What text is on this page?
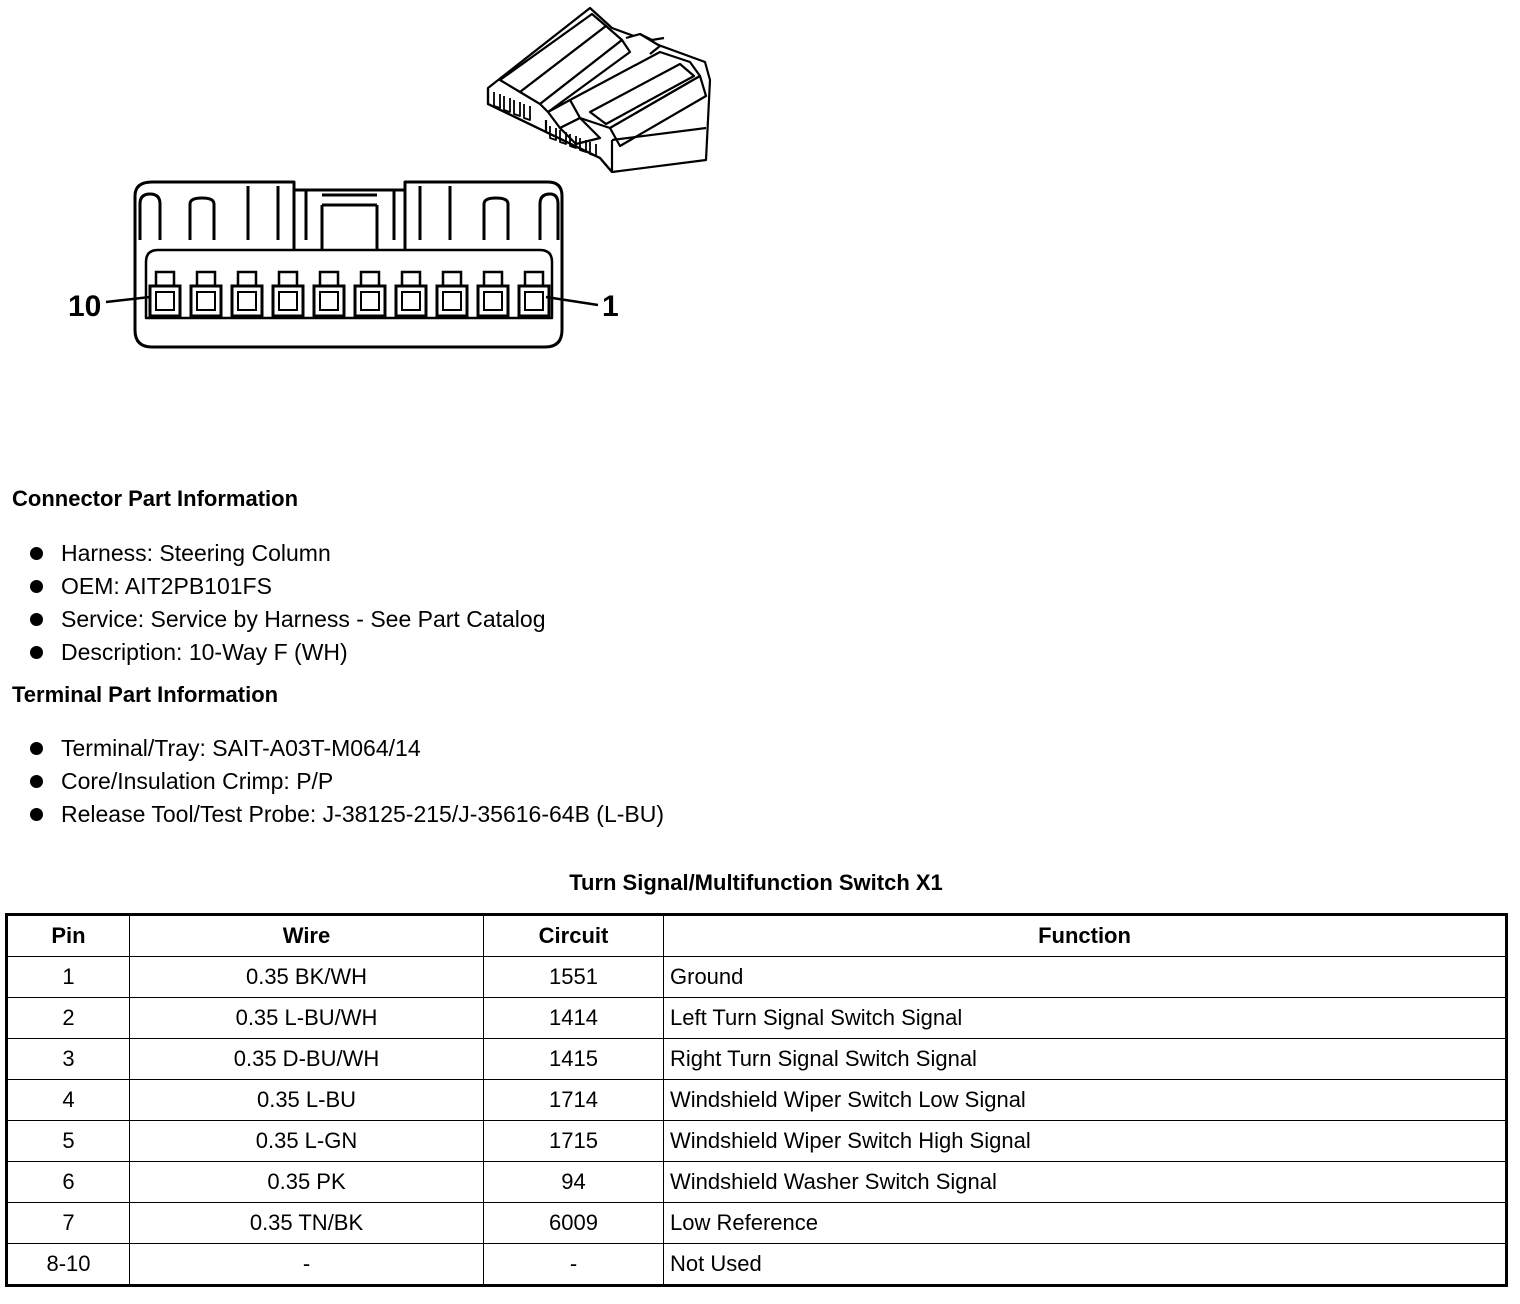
10	1
Connector Part Information
Harness: Steering Column
OEM: AIT2PB101FS
Service: Service by Harness - See Part Catalog
Description: 10-Way F (WH)
Terminal Part Information
Terminal/Tray: SAIT-A03T-M064/14
Core/Insulation Crimp: P/P
Release Tool/Test Probe: J-38125-215/J-35616-64B (L-BU)
Turn Signal/Multifunction Switch X1
Pin	Wire	Circuit	Function
1	0.35 BK/WH	1551	Ground
2	0.35 L-BU/WH	1414	Left Turn Signal Switch Signal
3	0.35 D-BU/WH	1415	Right Turn Signal Switch Signal
4	0.35 L-BU	1714	Windshield Wiper Switch Low Signal
5	0.35 L-GN	1715	Windshield Wiper Switch High Signal
6	0.35 PK	94	Windshield Washer Switch Signal
7	0.35 TN/BK	6009	Low Reference
8-10	-	-	Not Used
